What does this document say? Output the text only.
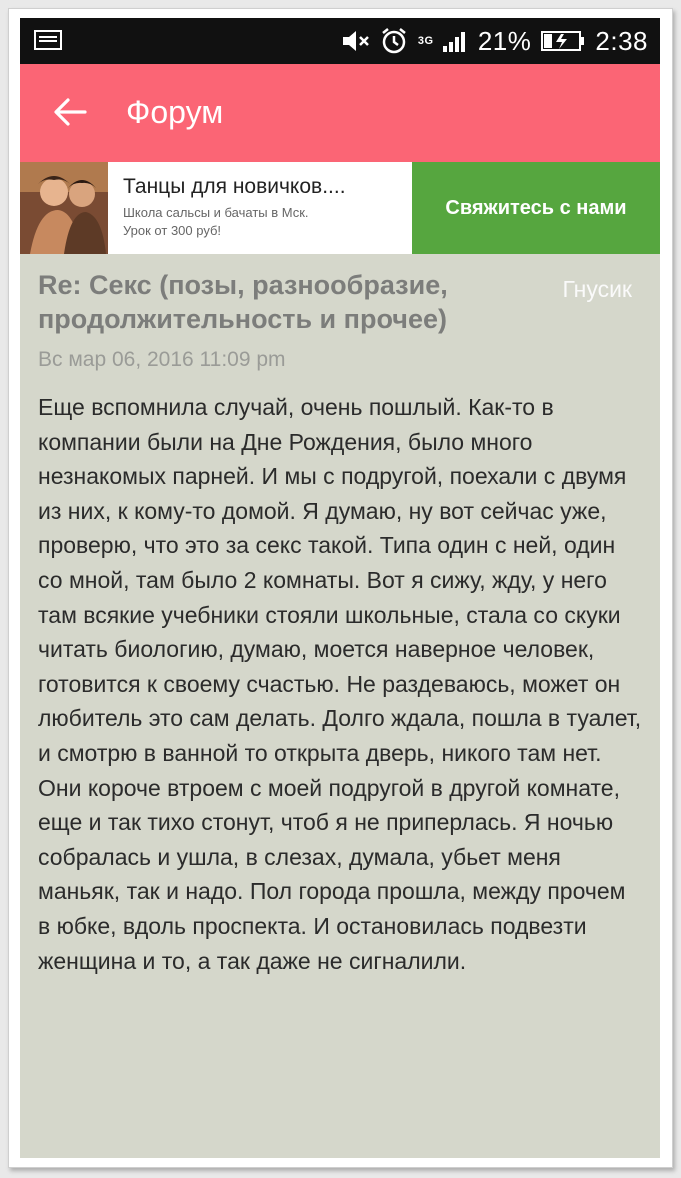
3G 21% 2:38
Форум
Танцы для новичков....
Школа сальсы и бачаты в Мск.
Урок от 300 руб!
Свяжитесь с нами
Re: Секс (позы, разнообразие, продолжительность и прочее)
Гнусик
Вс мар 06, 2016 11:09 pm
Еще вспомнила случай, очень пошлый. Как-то в компании были на Дне Рождения, было много незнакомых парней. И мы с подругой, поехали с двумя из них, к кому-то домой. Я думаю, ну вот сейчас уже, проверю, что это за секс такой. Типа один с ней, один со мной, там было 2 комнаты. Вот я сижу, жду, у него там всякие учебники стояли школьные, стала со скуки читать биологию, думаю, моется наверное человек, готовится к своему счастью. Не раздеваюсь, может он любитель это сам делать. Долго ждала, пошла в туалет, и смотрю в ванной то открыта дверь, никого там нет. Они короче втроем с моей подругой в другой комнате, еще и так тихо стонут, чтоб я не приперлась. Я ночью собралась и ушла, в слезах, думала, убьет меня маньяк, так и надо. Пол города прошла, между прочем в юбке, вдоль проспекта. И остановилась подвезти женщина и то, а так даже не сигналили.
